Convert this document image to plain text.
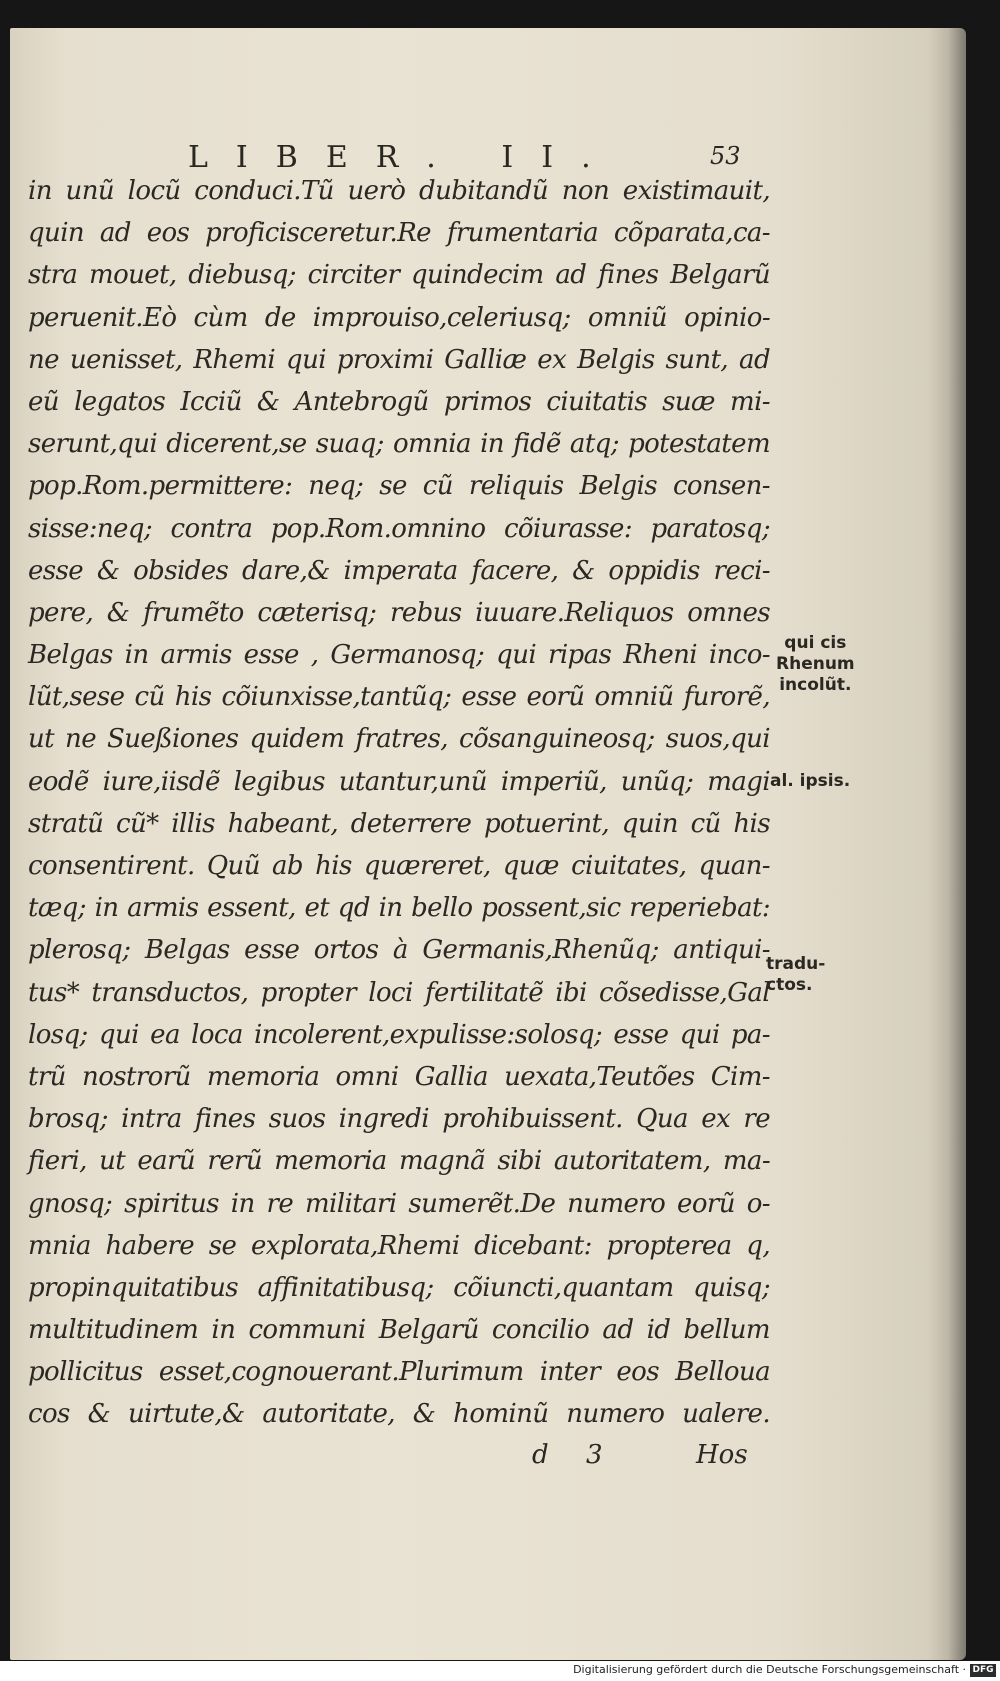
LIBER. II.	53
in unũ locũ conduci.Tũ uerò dubitandũ non existimauit,
quin ad eos proficisceretur.Re frumentaria cõparata,ca-
stra mouet, diebusq; circiter quindecim ad fines Belgarũ
peruenit.Eò cùm de improuiso,celeriusq; omniũ opinio-
ne uenisset, Rhemi qui proximi Galliæ ex Belgis sunt, ad
eũ legatos Icciũ & Antebrogũ primos ciuitatis suæ mi-
serunt,qui dicerent,se suaq; omnia in fidẽ atq; potestatem
pop.Rom.permittere: neq; se cũ reliquis Belgis consen-
sisse:neq; contra pop.Rom.omnino cõiurasse: paratosq;
esse & obsides dare,& imperata facere, & oppidis reci-
pere, & frumẽto cæterisq; rebus iuuare.Reliquos omnes
Belgas in armis esse , Germanosq; qui ripas Rheni inco-
lũt,sese cũ his cõiunxisse,tantũq; esse eorũ omniũ furorẽ,
ut ne Sueßiones quidem fratres, cõsanguineosq; suos,qui
eodẽ iure,iisdẽ legibus utantur,unũ imperiũ, unũq; magi
stratũ cũ* illis habeant, deterrere potuerint, quin cũ his
consentirent. Quũ ab his quæreret, quæ ciuitates, quan-
tæq; in armis essent, et qd in bello possent,sic reperiebat:
plerosq; Belgas esse ortos à Germanis,Rhenũq; antiqui-
tus* transductos, propter loci fertilitatẽ ibi cõsedisse,Gal
losq; qui ea loca incolerent,expulisse:solosq; esse qui pa-
trũ nostrorũ memoria omni Gallia uexata,Teutões Cim-
brosq; intra fines suos ingredi prohibuissent. Qua ex re
fieri, ut earũ rerũ memoria magnã sibi autoritatem, ma-
gnosq; spiritus in re militari sumerẽt.De numero eorũ o-
mnia habere se explorata,Rhemi dicebant: propterea q,
propinquitatibus affinitatibusq; cõiuncti,quantam quisq;
multitudinem in communi Belgarũ concilio ad id bellum
pollicitus esset,cognouerant.Plurimum inter eos Bellouа
cos & uirtute,& autoritate, & hominũ numero ualere.
qui cis
Rhenum
incolũt.
al. ipsis.
tradu-
ctos.
d 3	Hos
Digitalisierung gefördert durch die Deutsche Forschungsgemeinschaft · DFG
